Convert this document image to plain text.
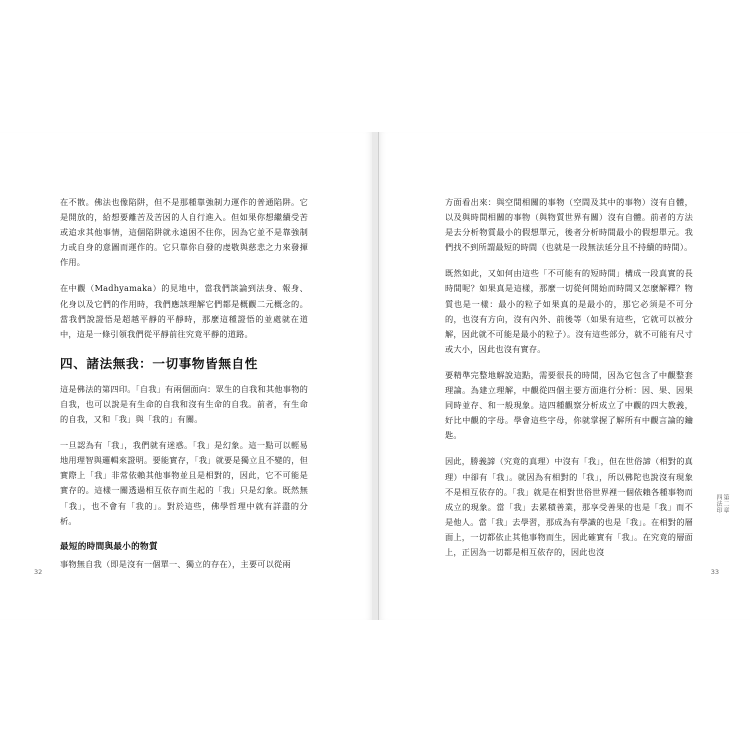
在不散。佛法也像陷阱，但不是那種靠強制力運作的普通陷阱。它是開放的，給想要離苦及苦因的人自行進入。但如果你想繼續受苦或追求其他事情，這個陷阱就永遠困不住你，因為它並不是靠強制力或自身的意圖而運作的。它只靠你自發的虔敬與慈悲之力來發揮作用。

在中觀（Madhyamaka）的見地中，當我們談論到法身、報身、化身以及它們的作用時，我們應該理解它們都是概觀二元概念的。當我們說證悟是超越平靜的平靜時，那麼這種證悟的並處就在道中，這是一條引領我們從平靜前往究竟平靜的道路。

四、諸法無我：一切事物皆無自性

這是佛法的第四印。「自我」有兩個面向：眾生的自我和其他事物的自我，也可以說是有生命的自我和沒有生命的自我。前者，有生命的自我，又和「我」與「我的」有關。

一旦認為有「我」，我們就有迷惑。「我」是幻象。這一點可以輕易地用理智與邏輯來證明。要能實存，「我」就要是獨立且不變的，但實際上「我」非常依賴其他事物並且是相對的，因此，它不可能是實存的。這樣一關透過相互依存而生起的「我」只是幻象。既然無「我」，也不會有「我的」。對於這些，佛學哲理中就有詳盡的分析。

最短的時間與最小的物質

事物無自我（即是沒有一個單一、獨立的存在），主要可以從兩

32

方面看出來：與空間相關的事物（空間及其中的事物）沒有自體，以及與時間相關的事物（與物質世界有關）沒有自體。前者的方法是去分析物質最小的假想單元，後者分析時間最小的假想單元。我們找不到所謂最短的時間（也就是一段無法延分且不持續的時間）。

既然如此，又如何由這些「不可能有的短時間」構成一段真實的長時間呢？如果真是這樣，那麼一切從何開始而時間又怎麼解釋？物質也是一樣：最小的粒子如果真的是最小的，那它必須是不可分的，也沒有方向，沒有內外、前後等（如果有這些，它就可以被分解，因此就不可能是最小的粒子）。沒有這些部分，就不可能有尺寸或大小，因此也沒有實存。

要精準完整地解說這點，需要很長的時間，因為它包含了中觀整套理論。為建立理解，中觀從四個主要方面進行分析：因、果、因果同時並存、和一般現象。這四種觀察分析成立了中觀的四大教義，好比中觀的字母。學會這些字母，你就掌握了解所有中觀言論的鑰匙。

因此，勝義諦（究竟的真理）中沒有「我」，但在世俗諦（相對的真理）中卻有「我」。就因為有相對的「我」，所以佛陀也說沒有現象不是相互依存的。「我」就是在相對世俗世界裡一個依賴各種事物而成立的現象。當「我」去累積善業，那享受善果的也是「我」而不是他人。當「我」去學習，那成為有學識的也是「我」。在相對的層面上，一切都依止其他事物而生，因此確實有「我」。在究竟的層面上，正因為一切都是相互依存的，因此也沒

第二章
四法印
33
